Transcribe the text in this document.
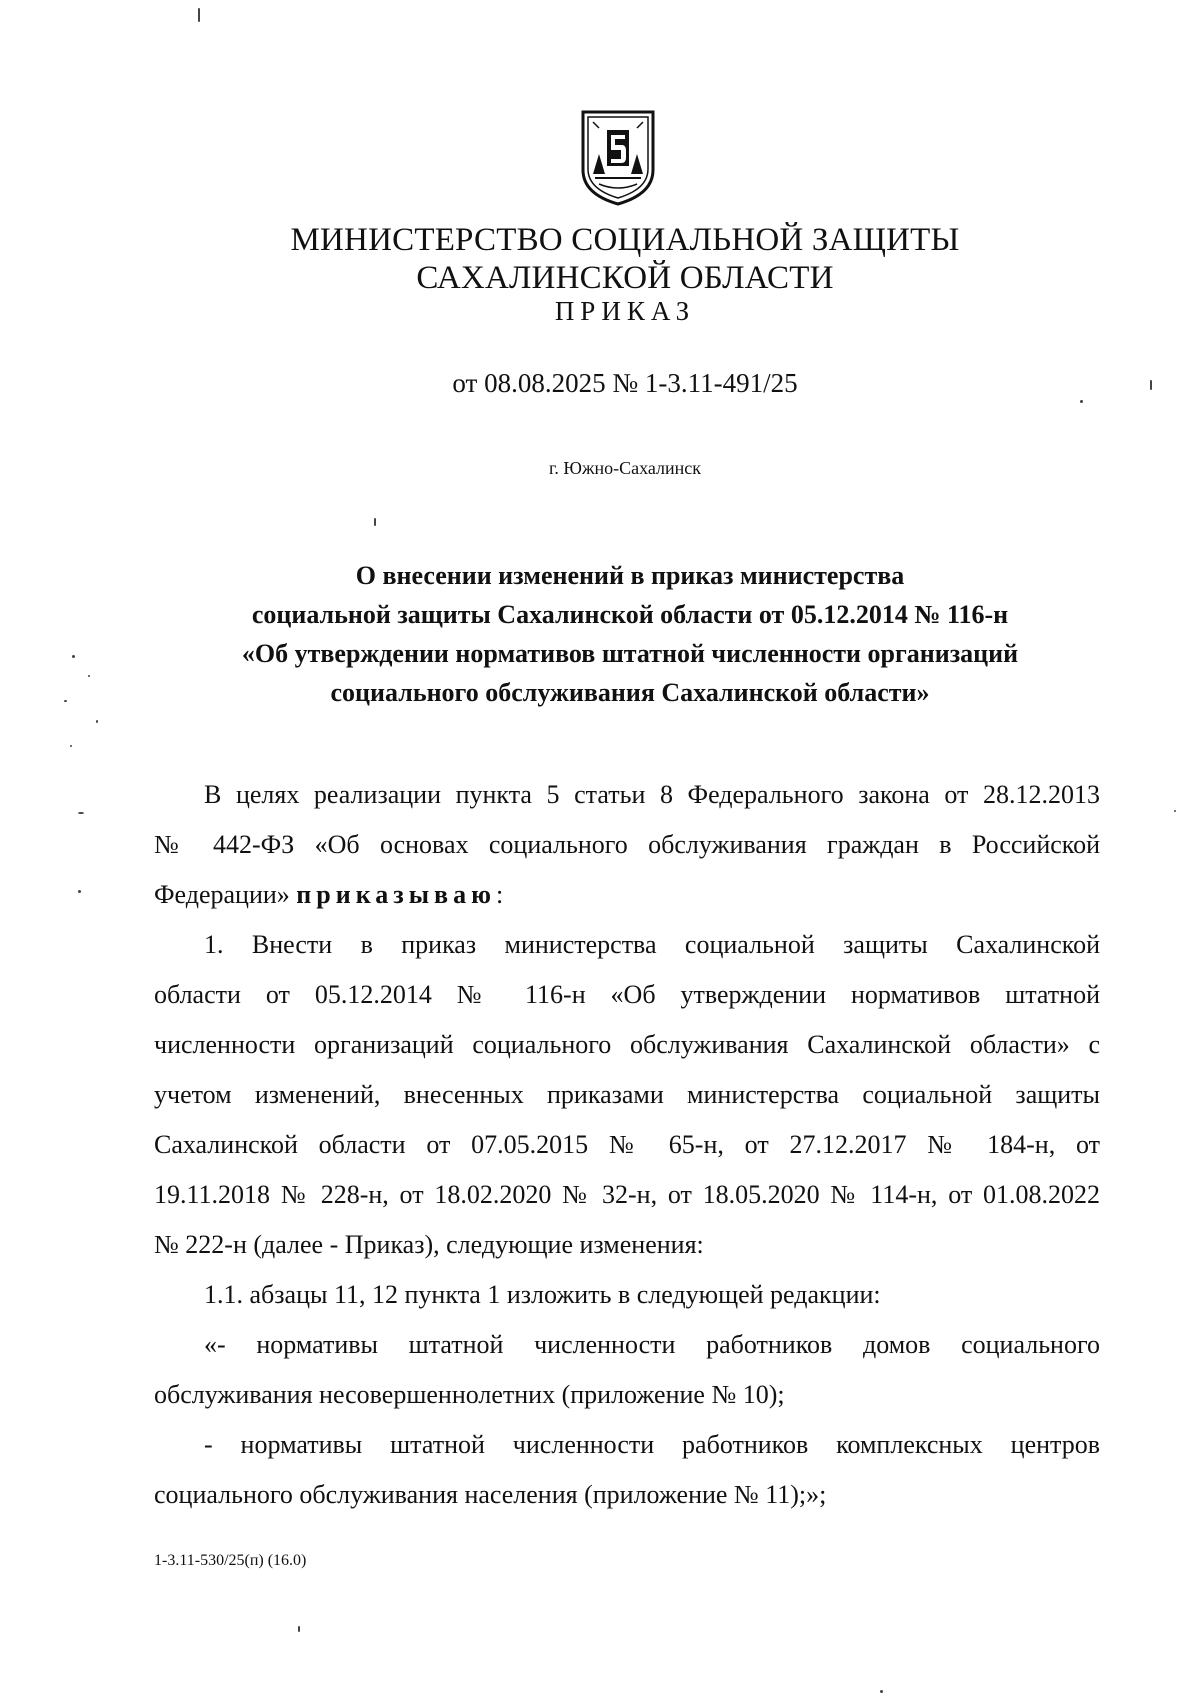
МИНИСТЕРСТВО СОЦИАЛЬНОЙ ЗАЩИТЫ
САХАЛИНСКОЙ ОБЛАСТИ
ПРИКАЗ
от 08.08.2025 № 1-3.11-491/25
г. Южно-Сахалинск
О внесении изменений в приказ министерства
социальной защиты Сахалинской области от 05.12.2014 № 116-н
«Об утверждении нормативов штатной численности организаций
социального обслуживания Сахалинской области»
В целях реализации пункта 5 статьи 8 Федерального закона от 28.12.2013
№ 442-ФЗ «Об основах социального обслуживания граждан в Российской
Федерации» приказываю:
1. Внести в приказ министерства социальной защиты Сахалинской
области от 05.12.2014 № 116-н «Об утверждении нормативов штатной
численности организаций социального обслуживания Сахалинской области» с
учетом изменений, внесенных приказами министерства социальной защиты
Сахалинской области от 07.05.2015 № 65-н, от 27.12.2017 № 184-н, от
19.11.2018 № 228-н, от 18.02.2020 № 32-н, от 18.05.2020 № 114-н, от 01.08.2022
№ 222-н (далее - Приказ), следующие изменения:
1.1. абзацы 11, 12 пункта 1 изложить в следующей редакции:
«- нормативы штатной численности работников домов социального
обслуживания несовершеннолетних (приложение № 10);
- нормативы штатной численности работников комплексных центров
социального обслуживания населения (приложение № 11);»;
1-3.11-530/25(п) (16.0)
